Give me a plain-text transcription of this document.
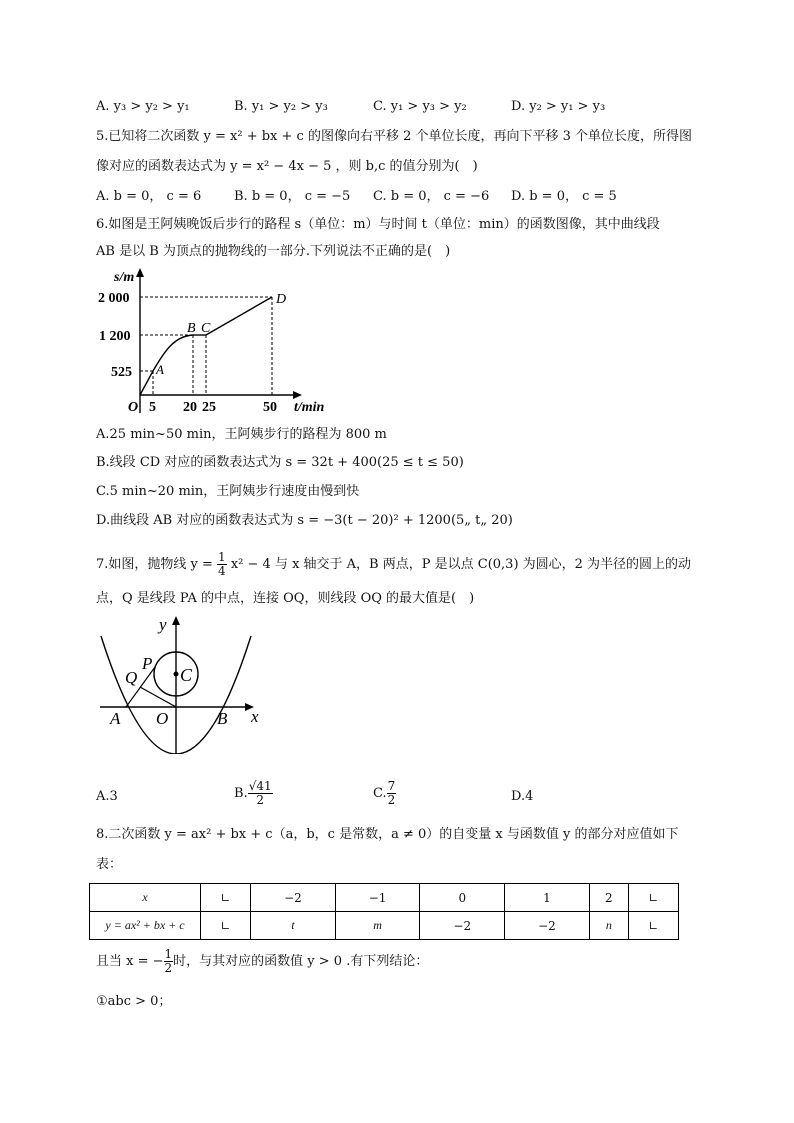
A. y₃ > y₂ > y₁	B. y₁ > y₂ > y₃	C. y₁ > y₃ > y₂	D. y₂ > y₁ > y₃
5.已知将二次函数 y = x² + bx + c 的图像向右平移 2 个单位长度，再向下平移 3 个单位长度，所得图
像对应的函数表达式为 y = x² − 4x − 5 ，则 b,c 的值分别为(　)
A. b = 0， c = 6	B. b = 0， c = −5 C. b = 0， c = −6 D. b = 0， c = 5
6.如图是王阿姨晚饭后步行的路程 s（单位：m）与时间 t（单位：min）的函数图像，其中曲线段
AB 是以 B 为顶点的抛物线的一部分.下列说法不正确的是(　)
s/m
t/min
2 000
1 200
525
O 5 20 25	50
A
B C
D
A.25 min~50 min，王阿姨步行的路程为 800 m
B.线段 CD 对应的函数表达式为 s = 32t + 400(25 ≤ t ≤ 50)
C.5 min~20 min，王阿姨步行速度由慢到快
D.曲线段 AB 对应的函数表达式为 s = −3(t − 20)² + 1200(5„ t„ 20)
7.如图，抛物线 $y = \frac{1}{4} x^2 - 4$ 与 x 轴交于 A，B 两点，P 是以点 C(0,3) 为圆心，2 为半径的圆上的动
点，Q 是线段 PA 的中点，连接 OQ，则线段 OQ 的最大值是(　)
y
x
P
Q C
A O	B
A.3	B. $\frac{√41}{2}$	C. $\frac{7}{2}$	D.4
8.二次函数 y = ax² + bx + c（a，b，c 是常数，a ≠ 0）的自变量 x 与函数值 y 的部分对应值如下
表：
x	∟	−2	−1	0	1	2	∟
y = ax² + bx + c	∟	t	m	−2	−2	n	∟
且当 x = − $\frac{1}{2}$ 时，与其对应的函数值 y > 0 .有下列结论：
①abc > 0；
